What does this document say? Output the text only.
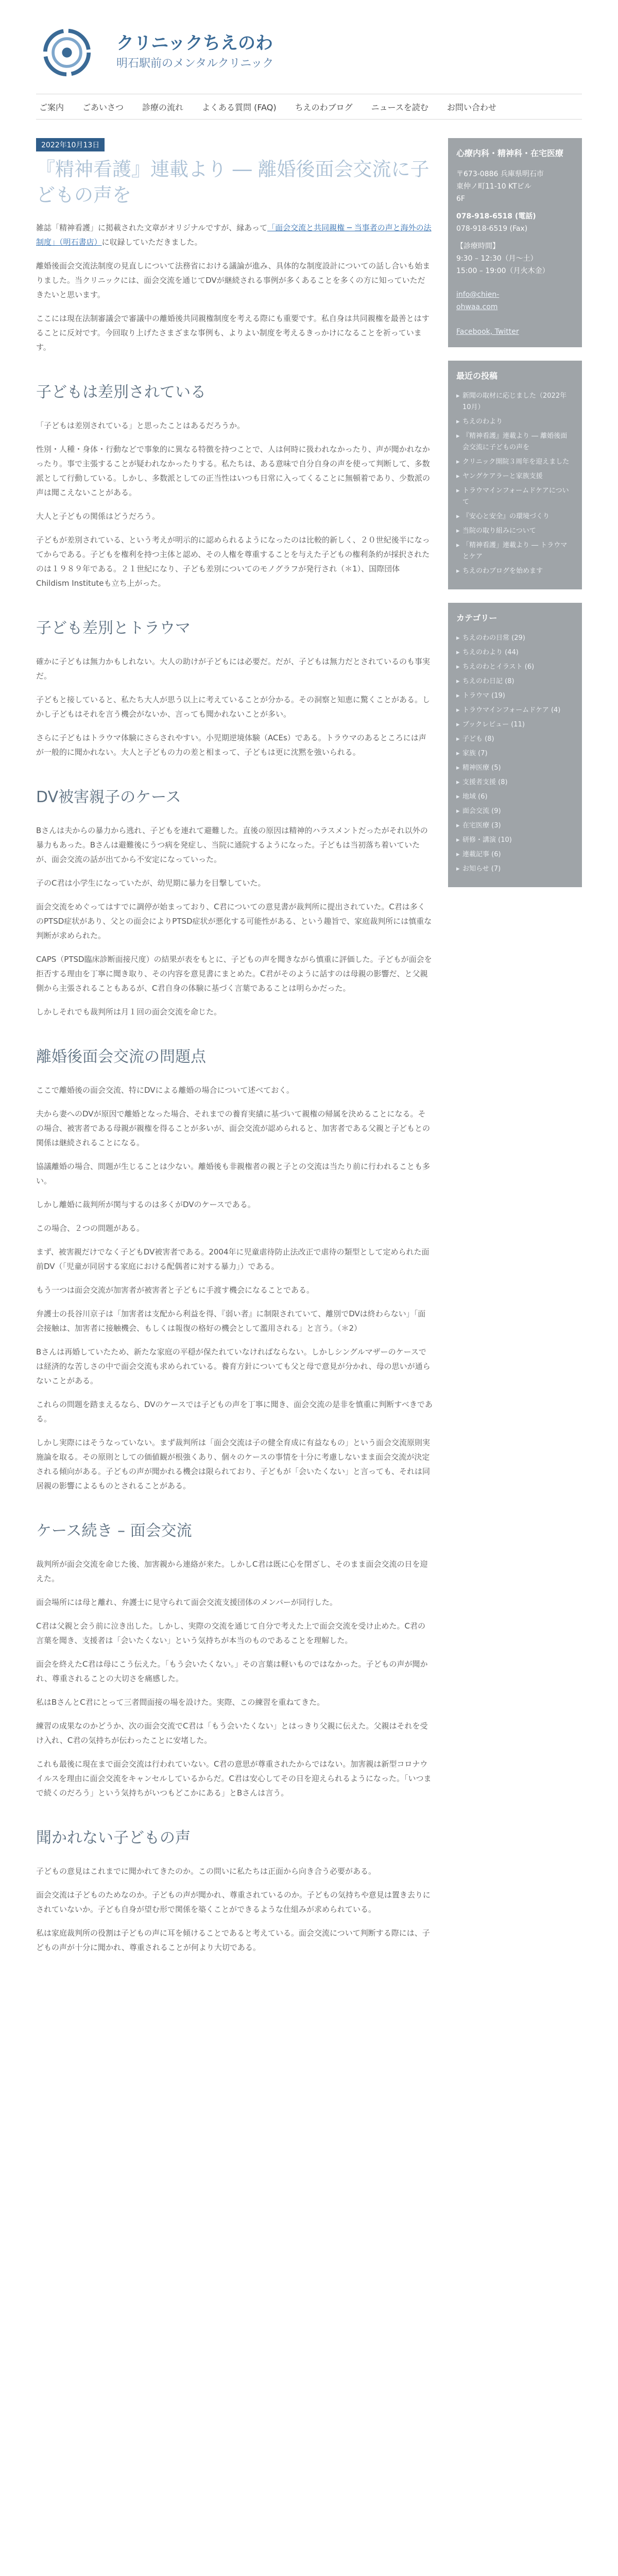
クリニックちえのわ
明石駅前のメンタルクリニック
ご案内	ごあいさつ	診療の流れ	よくある質問 (FAQ)	ちえのわブログ	ニュースを読む	お問い合わせ
2022年10月13日
『精神看護』連載より ― 離婚後面会交流に子どもの声を

雑誌「精神看護」に掲載された文章がオリジナルですが、縁あって「面会交流と共同親権 ─ 当事者の声と海外の法制度」（明石書店）に収録していただきました。

離婚後面会交流法制度の見直しについて法務省における議論が進み、具体的な制度設計についての話し合いも始まりました。当クリニックには、面会交流を通じてDVが継続される事例が多くあることを多くの方に知っていただきたいと思います。

ここには現在法制審議会で審議中の離婚後共同親権制度を考える際にも重要です。私自身は共同親権を最善とはすることに反対です。今回取り上げたさまざまな事例も、よりよい制度を考えるきっかけになることを祈っています。

子どもは差別されている

「子どもは差別されている」と思ったことはあるだろうか。

性別・人種・身体・行動などで事象的に異なる特徴を持つことで、人は何時に扱われなかったり、声が聞かれなかったり。事で主張することが疑われなかったりする。私たちは、ある意味で自分自身の声を使って判断して、多数派として行動している。しかし、多数派としての正当性はいつも日常に入ってくることに無頓着であり、少数派の声は聞こえないことがある。

大人と子どもの関係はどうだろう。

子どもが差別されている、という考えが明示的に認められるようになったのは比較的新しく、２０世紀後半になってからである。子どもを権利を持つ主体と認め、その人権を尊重することを与えた子どもの権利条約が採択されたのは１９８９年である。２１世紀になり、子ども差別についてのモノグラフが発行され（＊1）、国際団体Childism Instituteも立ち上がった。

子ども差別とトラウマ

確かに子どもは無力かもしれない。大人の助けが子どもには必要だ。だが、子どもは無力だとされているのも事実だ。

子どもと接していると、私たち大人が思う以上に考えていることが分かる。その洞察と知恵に驚くことがある。しかし子どもはそれを言う機会がないか、言っても聞かれないことが多い。

さらに子どもはトラウマ体験にさらされやすい。小児期逆境体験（ACEs）である。トラウマのあるところには声が一般的に聞かれない。大人と子どもの力の差と相まって、子どもは更に沈黙を強いられる。

DV被害親子のケース

Bさんは夫からの暴力から逃れ、子どもを連れて避難した。直後の原因は精神的ハラスメントだったがそれ以外の暴力もあった。Bさんは避難後にうつ病を発症し、当院に通院するようになった。子どもは当初落ち着いていたが、面会交流の話が出てから不安定になっていった。

子のC君は小学生になっていたが、幼児期に暴力を目撃していた。

面会交流をめぐってはすでに調停が始まっており、C君についての意見書が裁判所に提出されていた。C君は多くのPTSD症状があり、父との面会によりPTSD症状が悪化する可能性がある、という趣旨で、家庭裁判所には慎重な判断が求められた。

CAPS（PTSD臨床診断面接尺度）の結果が表をもとに、子どもの声を聞きながら慎重に評価した。子どもが面会を拒否する理由を丁寧に聞き取り、その内容を意見書にまとめた。C君がそのように話すのは母親の影響だ、と父親側から主張されることもあるが、C君自身の体験に基づく言葉であることは明らかだった。

しかしそれでも裁判所は月１回の面会交流を命じた。

離婚後面会交流の問題点

ここで離婚後の面会交流、特にDVによる離婚の場合について述べておく。

夫から妻へのDVが原因で離婚となった場合、それまでの養育実績に基づいて親権の帰属を決めることになる。その場合、被害者である母親が親権を得ることが多いが、面会交流が認められると、加害者である父親と子どもとの関係は継続されることになる。

協議離婚の場合、問題が生じることは少ない。離婚後も非親権者の親と子との交流は当たり前に行われることも多い。

しかし離婚に裁判所が関与するのは多くがDVのケースである。

この場合、２つの問題がある。

まず、被害親だけでなく子どもDV被害者である。2004年に児童虐待防止法改正で虐待の類型として定められた面前DV（「児童が同居する家庭における配偶者に対する暴力」）である。

もう一つは面会交流が加害者が被害者と子どもに手渡す機会になることである。

弁護士の長谷川京子は「加害者は支配から利益を得、『弱い者』に制限されていて、離別でDVは終わらない」「面会接触は、加害者に接触機会、もしくは報復の格好の機会として濫用される」と言う。（＊2）

Bさんは再婚していたため、新たな家庭の平穏が保たれていなければならない。しかしシングルマザーのケースでは経済的な苦しさの中で面会交流も求められている。養育方針についても父と母で意見が分かれ、母の思いが通らないことがある。

これらの問題を踏まえるなら、DVのケースでは子どもの声を丁寧に聞き、面会交流の是非を慎重に判断すべきである。

しかし実際にはそうなっていない。まず裁判所は「面会交流は子の健全育成に有益なもの」という面会交流原則実施論を取る。その原則としての価値観が根強くあり、個々のケースの事情を十分に考慮しないまま面会交流が決定される傾向がある。子どもの声が聞かれる機会は限られており、子どもが「会いたくない」と言っても、それは同居親の影響によるものとされることがある。

ケース続き – 面会交流

裁判所が面会交流を命じた後、加害親から連絡が来た。しかしC君は既に心を閉ざし、そのまま面会交流の日を迎えた。

面会場所には母と離れ、弁護士に見守られて面会交流支援団体のメンバーが同行した。

C君は父親と会う前に泣き出した。しかし、実際の交流を通じて自分で考えた上で面会交流を受け止めた。C君の言葉を聞き、支援者は「会いたくない」という気持ちが本当のものであることを理解した。

面会を終えたC君は母にこう伝えた。「もう会いたくない。」その言葉は軽いものではなかった。子どもの声が聞かれ、尊重されることの大切さを痛感した。

私はBさんとC君にとって三者間面接の場を設けた。実際、この練習を重ねてきた。

練習の成果なのかどうか、次の面会交流でC君は「もう会いたくない」とはっきり父親に伝えた。父親はそれを受け入れ、C君の気持ちが伝わったことに安堵した。

これも最後に現在まで面会交流は行われていない。C君の意思が尊重されたからではない。加害親は新型コロナウイルスを理由に面会交流をキャンセルしているからだ。C君は安心してその日を迎えられるようになった。「いつまで続くのだろう」という気持ちがいつもどこかにある」とBさんは言う。

聞かれない子どもの声

子どもの意見はこれまでに聞かれてきたのか。この問いに私たちは正面から向き合う必要がある。

面会交流は子どものためなのか。子どもの声が聞かれ、尊重されているのか。子どもの気持ちや意見は置き去りにされていないか。子ども自身が望む形で関係を築くことができるような仕組みが求められている。

私は家庭裁判所の役割は子どもの声に耳を傾けることであると考えている。面会交流について判断する際には、子どもの声が十分に聞かれ、尊重されることが何より大切である。

心療内科・精神科・在宅医療

〒673-0886 兵庫県明石市
東仲ノ町11-10 KTビル
6F

078-918-6518 (電話)
078-918-6519 (Fax)

【診療時間】
9:30 – 12:30（月〜土）
15:00 – 19:00（月火木金）

info@chien-
ohwaa.com

Facebook, Twitter

最近の投稿
▸ 新聞の取材に応じました（2022年10月）
▸ ちえのわより
▸ 『精神看護』連載より ― 離婚後面会交流に子どもの声を
▸ クリニック開院３周年を迎えました
▸ ヤングケアラーと家族支援
▸ トラウマインフォームドケアについて
▸ 『安心と安全』の環境づくり
▸ 当院の取り組みについて
▸ 「精神看護」連載より ― トラウマとケア
▸ ちえのわブログを始めます
カテゴリー
▸ ちえのわの日常 (29)
▸ ちえのわより (44)
▸ ちえのわとイラスト (6)
▸ ちえのわ日記 (8)
▸ トラウマ (19)
▸ トラウマインフォームドケア (4)
▸ ブックレビュー (11)
▸ 子ども (8)
▸ 家族 (7)
▸ 精神医療 (5)
▸ 支援者支援 (8)
▸ 地域 (6)
▸ 面会交流 (9)
▸ 在宅医療 (3)
▸ 研修・講演 (10)
▸ 連載記事 (6)
▸ お知らせ (7)
